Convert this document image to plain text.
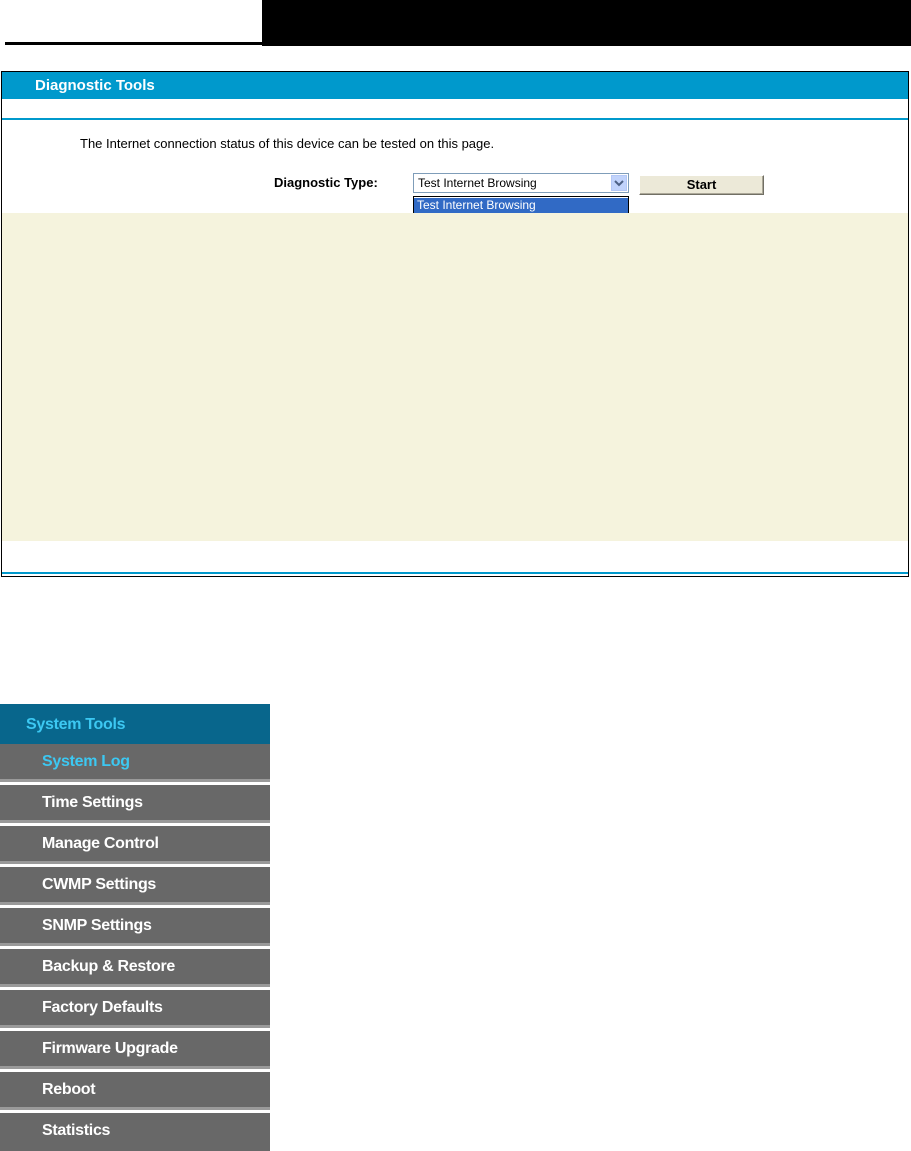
Diagnostic Tools
The Internet connection status of this device can be tested on this page.
Diagnostic Type:	Test Internet Browsing
Test Internet Browsing
Start
System Tools
System Log
Time Settings
Manage Control
CWMP Settings
SNMP Settings
Backup & Restore
Factory Defaults
Firmware Upgrade
Reboot
Statistics
